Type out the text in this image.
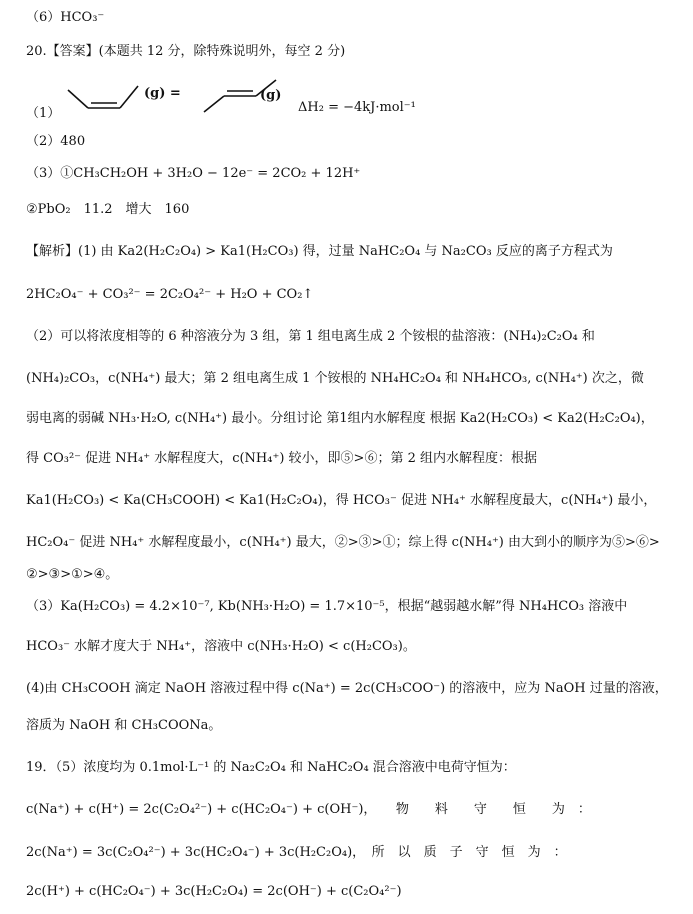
（6）HCO₃⁻
20.【答案】(本题共 12 分，除特殊说明外，每空 2 分)
（1）
(g) =	(g)
ΔH₂ = −4kJ·mol⁻¹
（2）480
（3）①CH₃CH₂OH + 3H₂O − 12e⁻ = 2CO₂ + 12H⁺
②PbO₂　11.2　增大　160
【解析】(1) 由 Ka2(H₂C₂O₄) > Ka1(H₂CO₃) 得，过量 NaHC₂O₄ 与 Na₂CO₃ 反应的离子方程式为
2HC₂O₄⁻ + CO₃²⁻ = 2C₂O₄²⁻ + H₂O + CO₂↑
（2）可以将浓度相等的 6 种溶液分为 3 组，第 1 组电离生成 2 个铵根的盐溶液：(NH₄)₂C₂O₄ 和
(NH₄)₂CO₃，c(NH₄⁺) 最大；第 2 组电离生成 1 个铵根的 NH₄HC₂O₄ 和 NH₄HCO₃, c(NH₄⁺) 次之，微
弱电离的弱碱 NH₃·H₂O, c(NH₄⁺) 最小。分组讨论 第1组内水解程度 根据 Ka2(H₂CO₃) < Ka2(H₂C₂O₄)，
得 CO₃²⁻ 促进 NH₄⁺ 水解程度大，c(NH₄⁺) 较小，即⑤>⑥；第 2 组内水解程度：根据
Ka1(H₂CO₃) < Ka(CH₃COOH) < Ka1(H₂C₂O₄)，得 HCO₃⁻ 促进 NH₄⁺ 水解程度最大，c(NH₄⁺) 最小，
HC₂O₄⁻ 促进 NH₄⁺ 水解程度最小，c(NH₄⁺) 最大，②>③>①；综上得 c(NH₄⁺) 由大到小的顺序为⑤>⑥>
②>③>①>④。
（3）Ka(H₂CO₃) = 4.2×10⁻⁷, Kb(NH₃·H₂O) = 1.7×10⁻⁵，根据“越弱越水解”得 NH₄HCO₃ 溶液中
HCO₃⁻ 水解才度大于 NH₄⁺，溶液中 c(NH₃·H₂O) < c(H₂CO₃)。
(4)由 CH₃COOH 滴定 NaOH 溶液过程中得 c(Na⁺) = 2c(CH₃COO⁻) 的溶液中，应为 NaOH 过量的溶液，
溶质为 NaOH 和 CH₃COONa。
19．（5）浓度均为 0.1mol·L⁻¹ 的 Na₂C₂O₄ 和 NaHC₂O₄ 混合溶液中电荷守恒为：
c(Na⁺) + c(H⁺) = 2c(C₂O₄²⁻) + c(HC₂O₄⁻) + c(OH⁻)，　　物　　料　　守　　恒　　为　：
2c(Na⁺) = 3c(C₂O₄²⁻) + 3c(HC₂O₄⁻) + 3c(H₂C₂O₄)，　所　以　质　子　守　恒　为　：
2c(H⁺) + c(HC₂O₄⁻) + 3c(H₂C₂O₄) = 2c(OH⁻) + c(C₂O₄²⁻)
